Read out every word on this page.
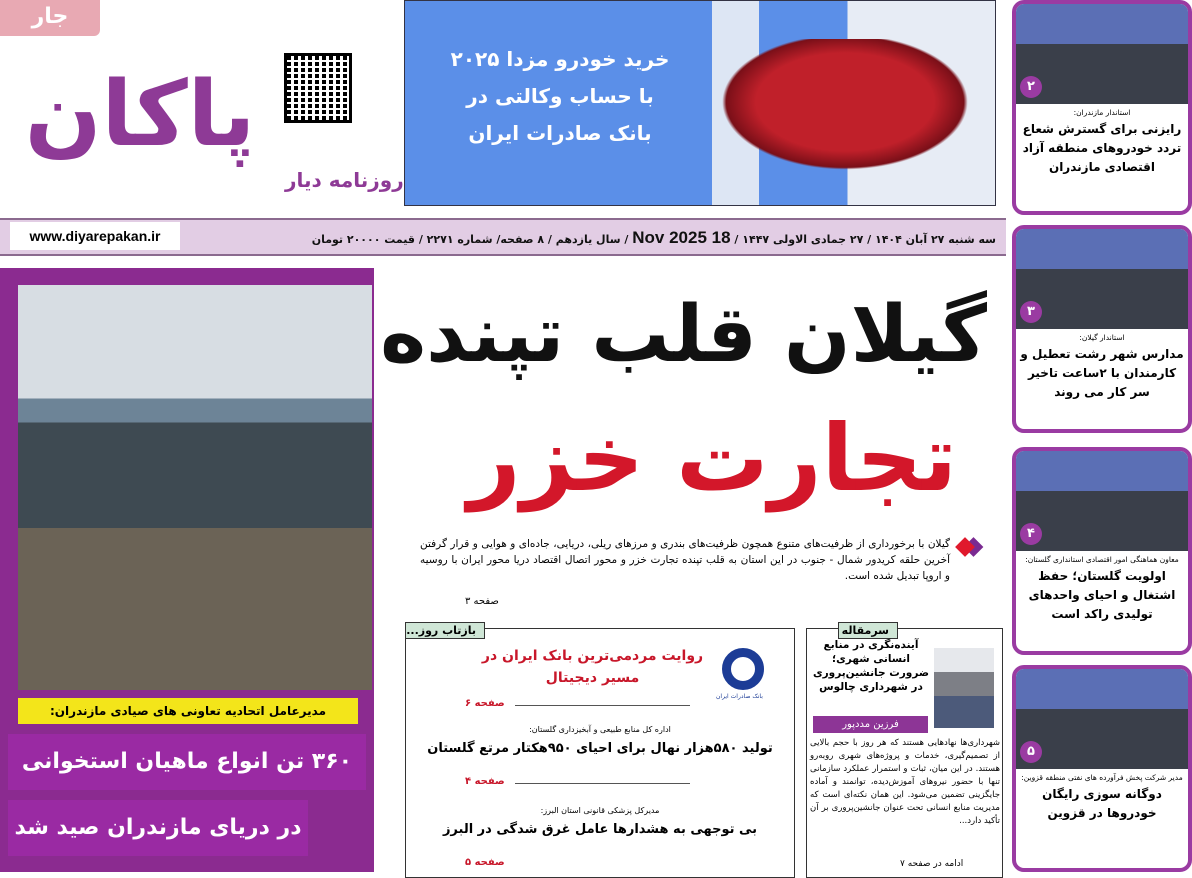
جار
پاکان
روزنامه دیار
خرید خودرو مزدا ۲۰۲۵
با حساب وکالتی در
بانک صادرات ایران
سه شنبه ۲۷ آبان ۱۴۰۴ / ۲۷ جمادی الاولی ۱۴۴۷ / 18 Nov 2025 / سال یازدهم / ۸ صفحه/ شماره ۲۲۷۱ / قیمت ۲۰۰۰۰ تومان
www.diyarepakan.ir
مدیرعامل اتحادیه تعاونی های صیادی مازندران:
۳۶۰ تن انواع ماهیان استخوانی
در دریای مازندران صید شد
گیلان قلب تپنده
تجارت خزر
گیلان با برخورداری از ظرفیت‌های متنوع همچون ظرفیت‌های بندری و مرزهای ریلی، دریایی، جاده‌ای و هوایی و قرار گرفتن آخرین حلقه کریدور شمال - جنوب در این استان به قلب تپنده تجارت خزر و محور اتصال اقتصاد دریا محور ایران با روسیه و اروپا تبدیل شده است.
صفحه ۳
بازتاب روز...
بانک صادرات ایران
روایت مردمی‌ترین بانک ایران در مسیر دیجیتال
صفحه ۶
اداره کل منابع طبیعی و آبخیزداری گلستان:
تولید ۵۸۰هزار نهال برای احیای ۹۵۰هکتار مرتع گلستان
صفحه ۴
مدیرکل پزشکی قانونی استان البرز:
بی توجهی به هشدارها عامل غرق شدگی در البرز
صفحه ۵
سرمقاله
آینده‌نگری در منابع انسانی شهری؛ ضرورت جانشین‌پروری در شهرداری چالوس
فرزین مددپور
شهرداری‌ها نهادهایی هستند که هر روز با حجم بالایی از تصمیم‌گیری، خدمات و پروژه‌های شهری روبه‌رو هستند. در این میان، ثبات و استمرار عملکرد سازمانی تنها با حضور نیروهای آموزش‌دیده، توانمند و آماده جایگزینی تضمین می‌شود. این همان نکته‌ای است که مدیریت منابع انسانی تحت عنوان جانشین‌پروری بر آن تأکید دارد...
ادامه در صفحه ۷
۲
استاندار مازندران:
رایزنی برای گسترش شعاع تردد خودروهای منطقه آزاد اقتصادی مازندران
۳
استاندار گیلان:
مدارس شهر رشت تعطیل و کارمندان با ۲ساعت تاخیر سر کار می روند
۴
معاون هماهنگی امور اقتصادی استانداری گلستان:
اولویت گلستان؛ حفظ اشتغال و احیای واحدهای تولیدی راکد است
۵
مدیر شرکت پخش فرآورده های نفتی منطقه قزوین:
دوگانه سوزی رایگان خودروها در قزوین
